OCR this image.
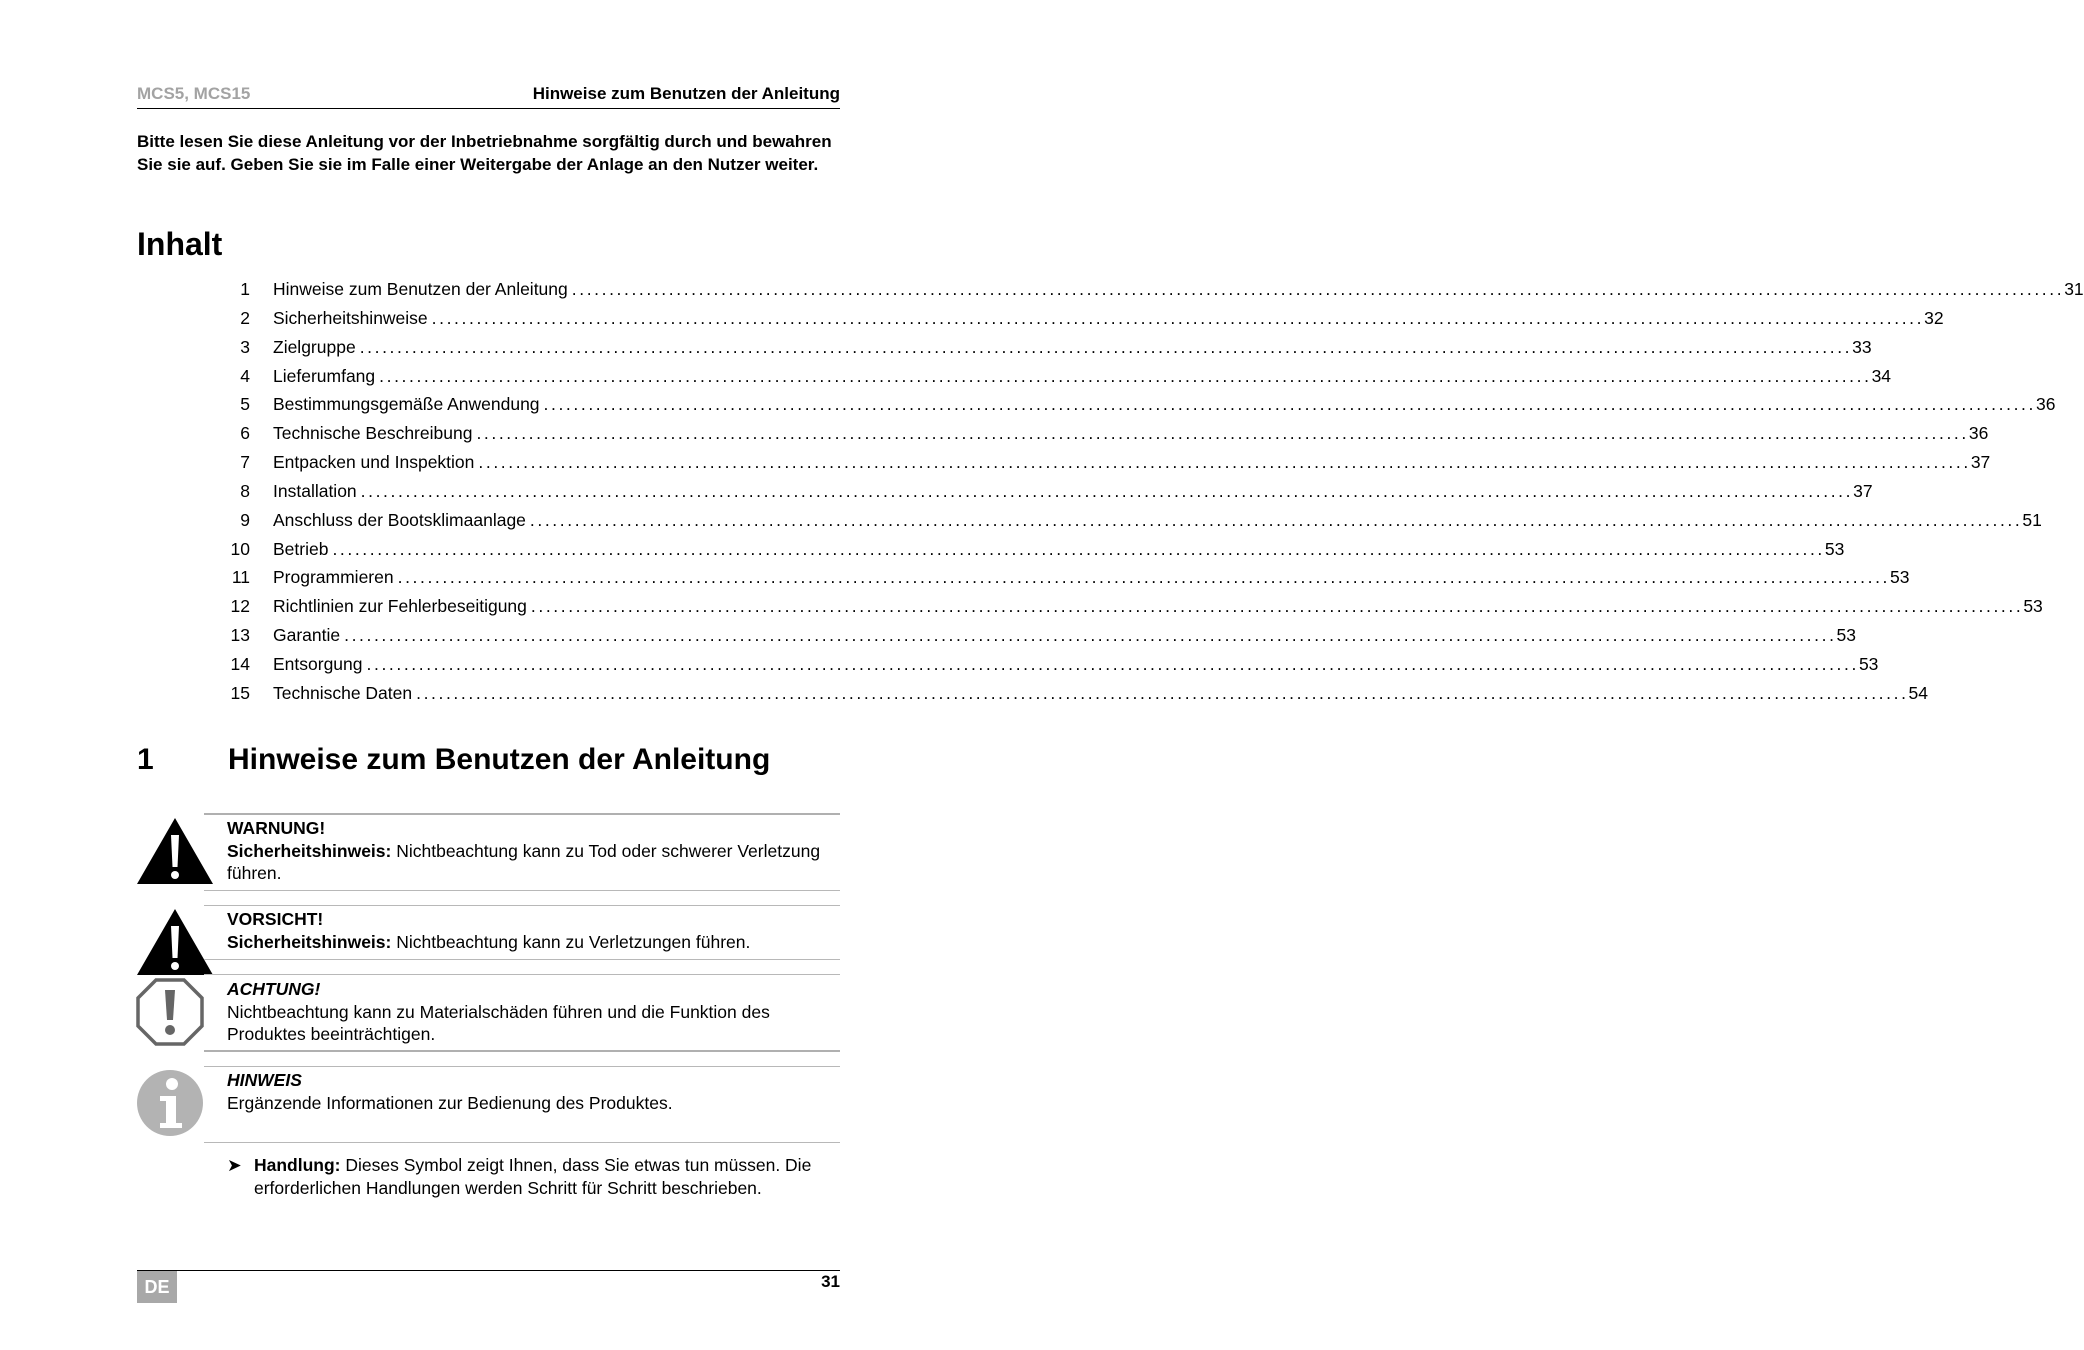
MCS5, MCS15	Hinweise zum Benutzen der Anleitung
Bitte lesen Sie diese Anleitung vor der Inbetriebnahme sorgfältig durch und bewahren Sie sie auf. Geben Sie sie im Falle einer Weitergabe der Anlage an den Nutzer weiter.
Inhalt
1 Hinweise zum Benutzen der Anleitung ........................................................................................................................................................................................................ 31
2 Sicherheitshinweise ........................................................................................................................................................................................................ 32
3 Zielgruppe ........................................................................................................................................................................................................ 33
4 Lieferumfang ........................................................................................................................................................................................................ 34
5 Bestimmungsgemäße Anwendung ........................................................................................................................................................................................................ 36
6 Technische Beschreibung ........................................................................................................................................................................................................ 36
7 Entpacken und Inspektion ........................................................................................................................................................................................................ 37
8 Installation ........................................................................................................................................................................................................ 37
9 Anschluss der Bootsklimaanlage ........................................................................................................................................................................................................ 51
10 Betrieb ........................................................................................................................................................................................................ 53
11 Programmieren ........................................................................................................................................................................................................ 53
12 Richtlinien zur Fehlerbeseitigung ........................................................................................................................................................................................................ 53
13 Garantie ........................................................................................................................................................................................................ 53
14 Entsorgung ........................................................................................................................................................................................................ 53
15 Technische Daten ........................................................................................................................................................................................................ 54
1 Hinweise zum Benutzen der Anleitung
WARNUNG!
Sicherheitshinweis: Nichtbeachtung kann zu Tod oder schwerer Verletzung führen.
VORSICHT!
Sicherheitshinweis: Nichtbeachtung kann zu Verletzungen führen.
ACHTUNG!
Nichtbeachtung kann zu Materialschäden führen und die Funktion des Produktes beeinträchtigen.
HINWEIS
Ergänzende Informationen zur Bedienung des Produktes.
➤ Handlung: Dieses Symbol zeigt Ihnen, dass Sie etwas tun müssen. Die erforderlichen Handlungen werden Schritt für Schritt beschrieben.
DE	31
